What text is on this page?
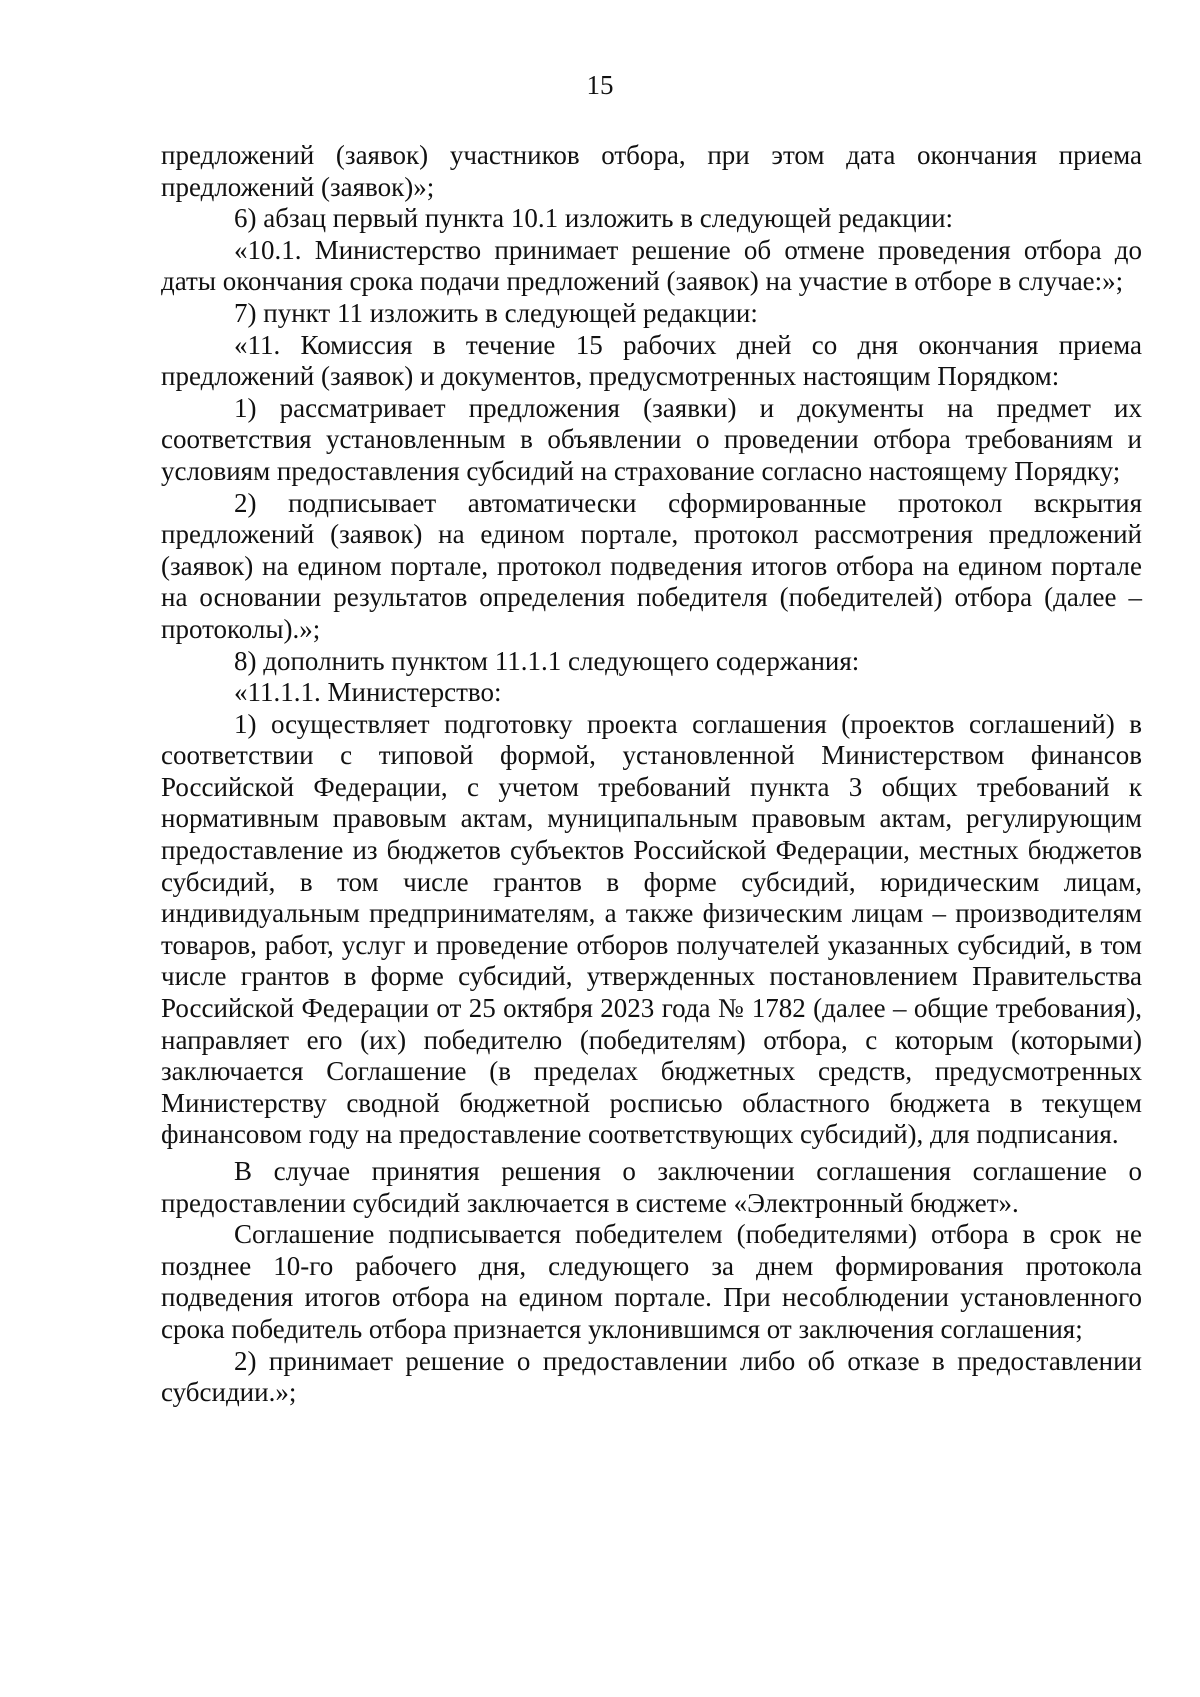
15

предложений (заявок) участников отбора, при этом дата окончания приема предложений (заявок)»;

6) абзац первый пункта 10.1 изложить в следующей редакции:

«10.1. Министерство принимает решение об отмене проведения отбора до даты окончания срока подачи предложений (заявок) на участие в отборе в случае:»;

7) пункт 11 изложить в следующей редакции:

«11. Комиссия в течение 15 рабочих дней со дня окончания приема предложений (заявок) и документов, предусмотренных настоящим Порядком:

1) рассматривает предложения (заявки) и документы на предмет их соответствия установленным в объявлении о проведении отбора требованиям и условиям предоставления субсидий на страхование согласно настоящему Порядку;

2) подписывает автоматически сформированные протокол вскрытия предложений (заявок) на едином портале, протокол рассмотрения предложений (заявок) на едином портале, протокол подведения итогов отбора на едином портале на основании результатов определения победителя (победителей) отбора (далее – протоколы).»;

8) дополнить пунктом 11.1.1 следующего содержания:

«11.1.1. Министерство:

1) осуществляет подготовку проекта соглашения (проектов соглашений) в соответствии с типовой формой, установленной Министерством финансов Российской Федерации, с учетом требований пункта 3 общих требований к нормативным правовым актам, муниципальным правовым актам, регулирующим предоставление из бюджетов субъектов Российской Федерации, местных бюджетов субсидий, в том числе грантов в форме субсидий, юридическим лицам, индивидуальным предпринимателям, а также физическим лицам – производителям товаров, работ, услуг и проведение отборов получателей указанных субсидий, в том числе грантов в форме субсидий, утвержденных постановлением Правительства Российской Федерации от 25 октября 2023 года № 1782 (далее – общие требования), направляет его (их) победителю (победителям) отбора, с которым (которыми) заключается Соглашение (в пределах бюджетных средств, предусмотренных Министерству сводной бюджетной росписью областного бюджета в текущем финансовом году на предоставление соответствующих субсидий), для подписания.

В случае принятия решения о заключении соглашения соглашение о предоставлении субсидий заключается в системе «Электронный бюджет».

Соглашение подписывается победителем (победителями) отбора в срок не позднее 10-го рабочего дня, следующего за днем формирования протокола подведения итогов отбора на едином портале. При несоблюдении установленного срока победитель отбора признается уклонившимся от заключения соглашения;

2) принимает решение о предоставлении либо об отказе в предоставлении субсидии.»;
